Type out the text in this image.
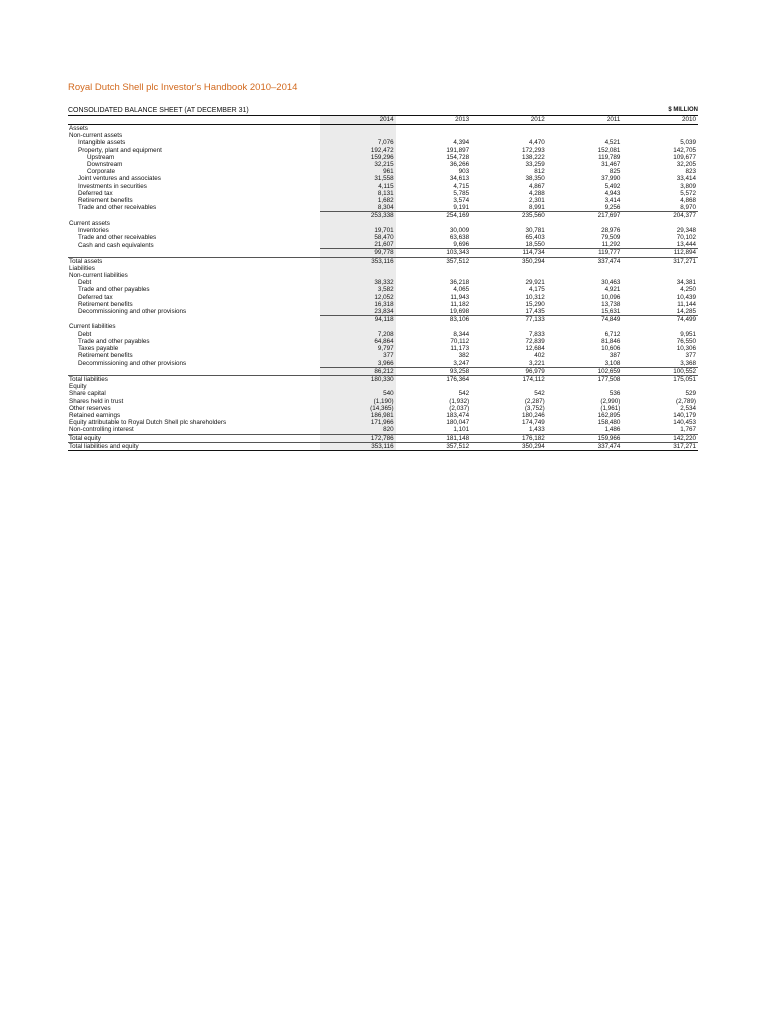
Royal Dutch Shell plc Investor's Handbook 2010–2014
CONSOLIDATED BALANCE SHEET (AT DECEMBER 31)	$ MILLION
	2014	2013	2012	2011	2010
Assets					
Non-current assets					
Intangible assets	7,076	4,394	4,470	4,521	5,039
Property, plant and equipment	192,472	191,897	172,293	152,081	142,705
Upstream	159,296	154,728	138,222	119,789	109,677
Downstream	32,215	36,266	33,259	31,467	32,205
Corporate	961	903	812	825	823
Joint ventures and associates	31,558	34,613	38,350	37,990	33,414
Investments in securities	4,115	4,715	4,867	5,492	3,809
Deferred tax	8,131	5,785	4,288	4,943	5,572
Retirement benefits	1,682	3,574	2,301	3,414	4,868
Trade and other receivables	8,304	9,191	8,991	9,256	8,970
	253,338	254,169	235,560	217,697	204,377
Current assets					
Inventories	19,701	30,009	30,781	28,976	29,348
Trade and other receivables	58,470	63,638	65,403	79,509	70,102
Cash and cash equivalents	21,607	9,696	18,550	11,292	13,444
	99,778	103,343	114,734	119,777	112,894
Total assets	353,116	357,512	350,294	337,474	317,271
Liabilities					
Non-current liabilities					
Debt	38,332	36,218	29,921	30,463	34,381
Trade and other payables	3,582	4,065	4,175	4,921	4,250
Deferred tax	12,052	11,943	10,312	10,096	10,439
Retirement benefits	16,318	11,182	15,290	13,738	11,144
Decommissioning and other provisions	23,834	19,698	17,435	15,631	14,285
	94,118	83,106	77,133	74,849	74,499
Current liabilities					
Debt	7,208	8,344	7,833	6,712	9,951
Trade and other payables	64,864	70,112	72,839	81,846	76,550
Taxes payable	9,797	11,173	12,684	10,606	10,306
Retirement benefits	377	382	402	387	377
Decommissioning and other provisions	3,966	3,247	3,221	3,108	3,368
	86,212	93,258	96,979	102,659	100,552
Total liabilities	180,330	176,364	174,112	177,508	175,051
Equity					
Share capital	540	542	542	536	529
Shares held in trust	(1,190)	(1,932)	(2,287)	(2,990)	(2,789)
Other reserves	(14,365)	(2,037)	(3,752)	(1,961)	2,534
Retained earnings	186,981	183,474	180,246	162,895	140,179
Equity attributable to Royal Dutch Shell plc shareholders	171,966	180,047	174,749	158,480	140,453
Non-controlling interest	820	1,101	1,433	1,486	1,767
Total equity	172,786	181,148	176,182	159,966	142,220
Total liabilities and equity	353,116	357,512	350,294	337,474	317,271
